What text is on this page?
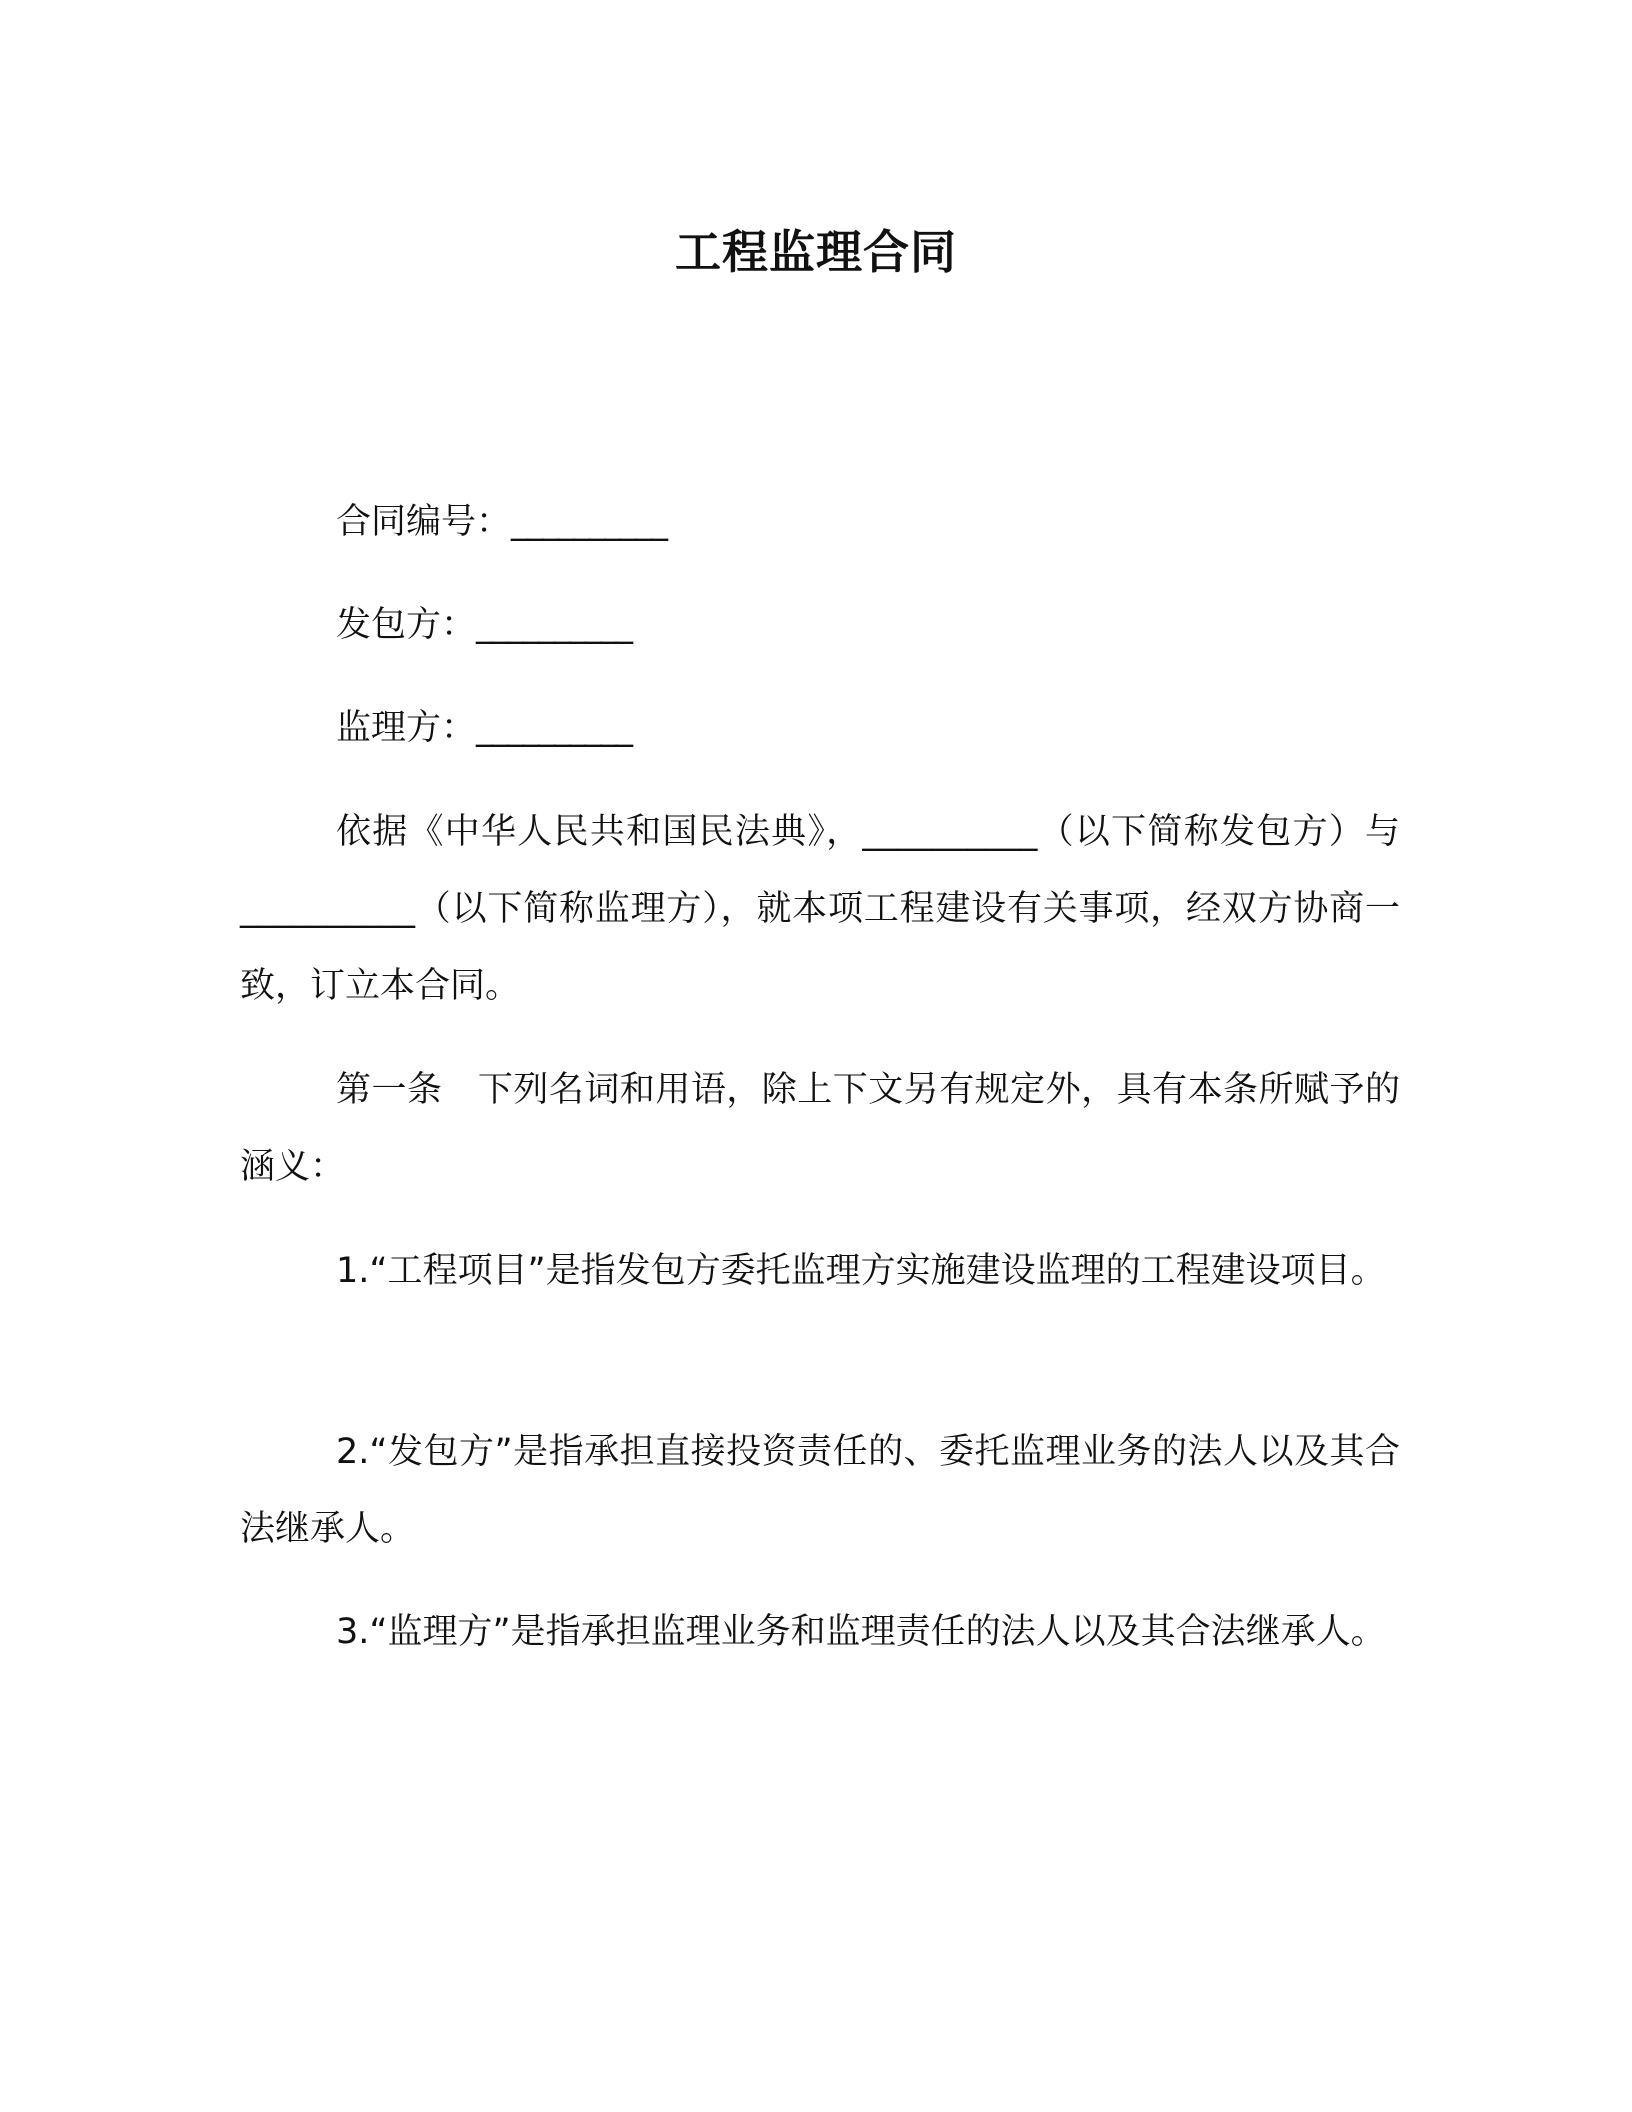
工程监理合同
合同编号：__________
发包方：__________
监理方：__________
依据《中华人民共和国民法典》，__________（以下简称发包方）与__________（以下简称监理方），就本项工程建设有关事项，经双方协商一致，订立本合同。
第一条　下列名词和用语，除上下文另有规定外，具有本条所赋予的涵义：
1.“工程项目”是指发包方委托监理方实施建设监理的工程建设项目。
2.“发包方”是指承担直接投资责任的、委托监理业务的法人以及其合法继承人。
3.“监理方”是指承担监理业务和监理责任的法人以及其合法继承人。
